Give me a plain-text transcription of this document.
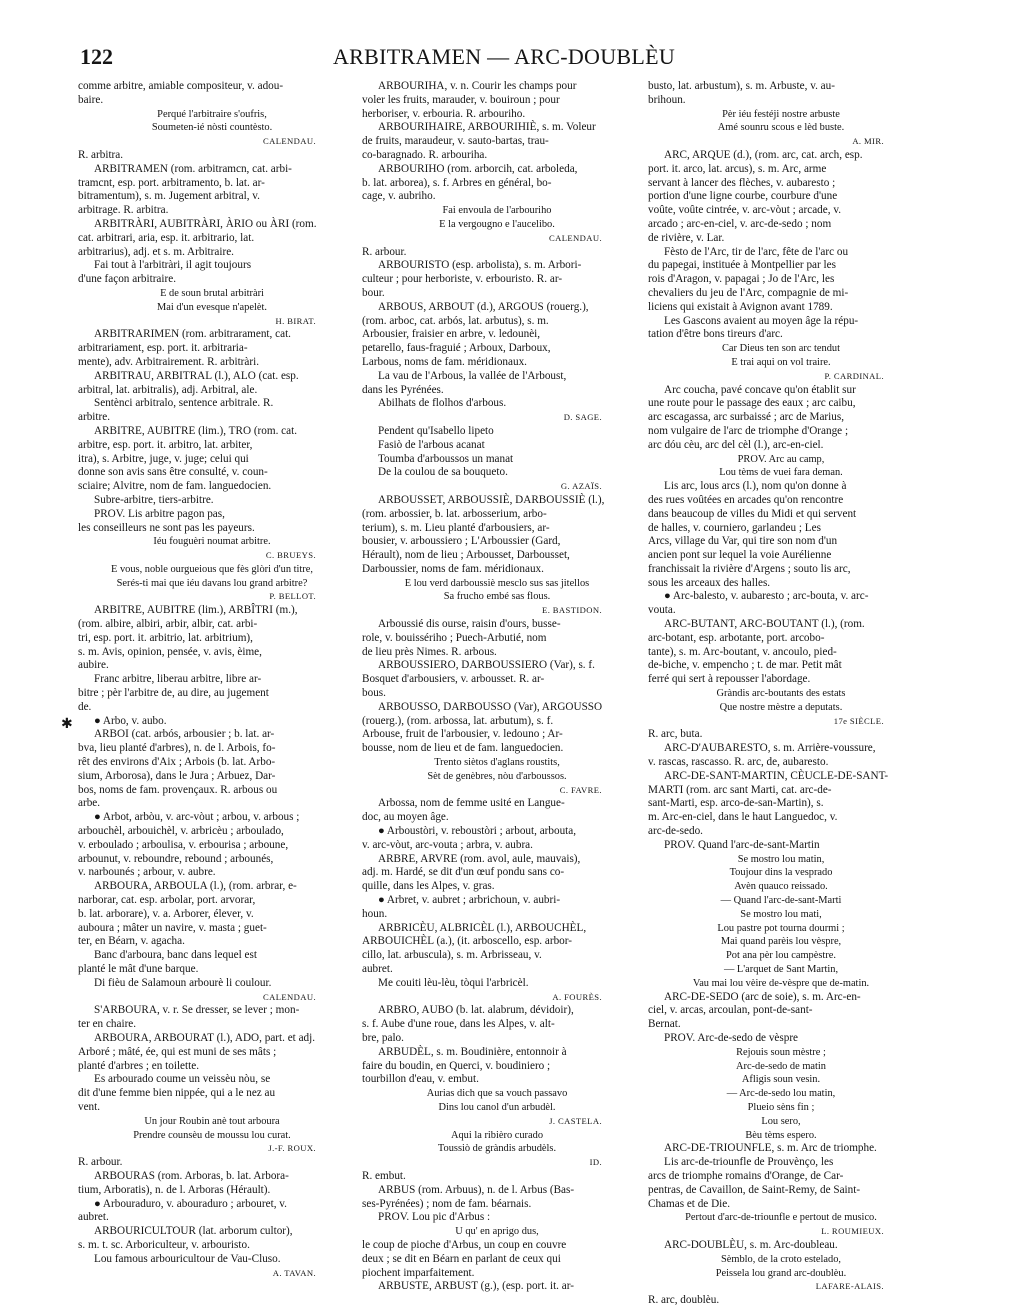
122	ARBITRAMEN — ARC-DOUBLÈU
✱
comme arbitre, amiable compositeur, v. adou-
baire.
Perqué l'arbitraire s'oufris,
Soumeten-ié nòsti countèsto.
CALENDAU.
R. arbitra.
ARBITRAMEN (rom. arbitramcn, cat. arbi-
tramcnt, esp. port. arbitramento, b. lat. ar-
bitramentum), s. m. Jugement arbitral, v.
arbitrage. R. arbitra.
ARBITRÀRI, AUBITRÀRI, ÀRIO ou ÀRI (rom.
cat. arbitrari, aria, esp. it. arbitrario, lat.
arbitrarius), adj. et s. m. Arbitraire.
Fai tout à l'arbitràri, il agit toujours
d'une façon arbitraire.
E de soun brutal arbitràri
Mai d'un evesque n'apelèt.
H. BIRAT.
ARBITRARIMEN (rom. arbitrarament, cat.
arbitrariament, esp. port. it. arbitraria-
mente), adv. Arbitrairement. R. arbitràri.
ARBITRAU, ARBITRAL (l.), ALO (cat. esp.
arbitral, lat. arbitralis), adj. Arbitral, ale.
Sentènci arbitralo, sentence arbitrale. R.
arbitre.
ARBITRE, AUBITRE (lim.), TRO (rom. cat.
arbitre, esp. port. it. arbitro, lat. arbiter,
itra), s. Arbitre, juge, v. juge; celui qui
donne son avis sans être consulté, v. coun-
sciaire; Alvitre, nom de fam. languedocien.
Subre-arbitre, tiers-arbitre.
PROV. Lis arbitre pagon pas,
les conseilleurs ne sont pas les payeurs.
Iéu fouguèri noumat arbitre.
C. BRUEYS.
E vous, noble ourgueious que fès glòri d'un titre,
Serés-ti mai que iéu davans lou grand arbitre?
P. BELLOT.
ARBITRE, AUBITRE (lim.), ARBÎTRI (m.),
(rom. albire, albiri, arbir, albir, cat. arbi-
tri, esp. port. it. arbitrio, lat. arbitrium),
s. m. Avis, opinion, pensée, v. avis, èime,
aubire.
Franc arbitre, liberau arbitre, libre ar-
bitre ; pèr l'arbitre de, au dire, au jugement
de.
● Arbo, v. aubo.
ARBOI (cat. arbós, arbousier ; b. lat. ar-
bva, lieu planté d'arbres), n. de l. Arbois, fo-
rêt des environs d'Aix ; Arbois (b. lat. Arbo-
sium, Arborosa), dans le Jura ; Arbuez, Dar-
bos, noms de fam. provençaux. R. arbous ou
arbe.
● Arbot, arbòu, v. arc-vòut ; arbou, v. arbous ;
arbouchèl, arbouichèl, v. arbricèu ; arboulado,
v. erboulado ; arboulisa, v. erbourisa ; arboune,
arbounut, v. reboundre, rebound ; arbounés,
v. narbounés ; arbour, v. aubre.
ARBOURA, ARBOULA (l.), (rom. arbrar, e-
narborar, cat. esp. arbolar, port. arvorar,
b. lat. arborare), v. a. Arborer, élever, v.
auboura ; mâter un navire, v. masta ; guet-
ter, en Béarn, v. agacha.
Banc d'arboura, banc dans lequel est
planté le mât d'une barque.
Di fièu de Salamoun arbourè li coulour.
CALENDAU.
S'ARBOURA, v. r. Se dresser, se lever ; mon-
ter en chaire.
ARBOURA, ARBOURAT (l.), ADO, part. et adj.
Arboré ; mâté, ée, qui est muni de ses mâts ;
planté d'arbres ; en toilette.
Es arbourado coume un veissèu nòu, se
dit d'une femme bien nippée, qui a le nez au
vent.
Un jour Roubin anè tout arboura
Prendre counsèu de moussu lou curat.
J.-F. ROUX.
R. arbour.
ARBOURAS (rom. Arboras, b. lat. Arbora-
tium, Arboratis), n. de l. Arboras (Hérault).
● Arbouraduro, v. abouraduro ; arbouret, v.
aubret.
ARBOURICULTOUR (lat. arborum cultor),
s. m. t. sc. Arboriculteur, v. arbouristo.
Lou famous arbouricultour de Vau-Cluso.
A. TAVAN.
ARBOURIHA, v. n. Courir les champs pour
voler les fruits, marauder, v. bouiroun ; pour
herboriser, v. erbouria. R. arbouriho.
ARBOURIHAIRE, ARBOURIHIÈ, s. m. Voleur
de fruits, maraudeur, v. sauto-bartas, trau-
co-baragnado. R. arbouriha.
ARBOURIHO (rom. arborcih, cat. arboleda,
b. lat. arborea), s. f. Arbres en général, bo-
cage, v. aubriho.
Fai envoula de l'arbouriho
E la vergougno e l'aucelibo.
CALENDAU.
R. arbour.
ARBOURISTO (esp. arbolista), s. m. Arbori-
culteur ; pour herboriste, v. erbouristo. R. ar-
bour.
ARBOUS, ARBOUT (d.), ARGOUS (rouerg.),
(rom. arboc, cat. arbós, lat. arbutus), s. m.
Arbousier, fraisier en arbre, v. ledounèi,
petarello, faus-fraguié ; Arboux, Darboux,
Larbous, noms de fam. méridionaux.
La vau de l'Arbous, la vallée de l'Arboust,
dans les Pyrénées.
Abilhats de flolhos d'arbous.
D. SAGE.
Pendent qu'Isabello lipeto
Fasiò de l'arbous acanat
Toumba d'arboussos un manat
De la coulou de sa bouqueto.
G. AZAÏS.
ARBOUSSET, ARBOUSSIÈ, DARBOUSSIÈ (l.),
(rom. arbossier, b. lat. arbosserium, arbo-
terium), s. m. Lieu planté d'arbousiers, ar-
bousier, v. arboussiero ; L'Arboussier (Gard,
Hérault), nom de lieu ; Arbousset, Darbousset,
Darboussier, noms de fam. méridionaux.
E lou verd darboussiè mesclo sus sas jitellos
Sa frucho embé sas flous.
E. BASTIDON.
Arboussié dis ourse, raisin d'ours, busse-
role, v. bouissériho ; Puech-Arbutié, nom
de lieu près Nimes. R. arbous.
ARBOUSSIERO, DARBOUSSIERO (Var), s. f.
Bosquet d'arbousiers, v. arbousset. R. ar-
bous.
ARBOUSSO, DARBOUSSO (Var), ARGOUSSO
(rouerg.), (rom. arbossa, lat. arbutum), s. f.
Arbouse, fruit de l'arbousier, v. ledouno ; Ar-
bousse, nom de lieu et de fam. languedocien.
Trento siètos d'aglans roustits,
Sèt de genèbres, nòu d'arboussos.
C. FAVRE.
Arbossa, nom de femme usité en Langue-
doc, au moyen âge.
● Arboustòri, v. reboustòri ; arbout, arbouta,
v. arc-vòut, arc-vouta ; arbra, v. aubra.
ARBRE, ARVRE (rom. avol, aule, mauvais),
adj. m. Hardé, se dit d'un œuf pondu sans co-
quille, dans les Alpes, v. gras.
● Arbret, v. aubret ; arbrichoun, v. aubri-
houn.
ARBRICÈU, ALBRICÈL (l.), ARBOUCHÈL,
ARBOUICHÈL (a.), (it. arboscello, esp. arbor-
cillo, lat. arbuscula), s. m. Arbrisseau, v.
aubret.
Me couiti lèu-lèu, tòqui l'arbricèl.
A. FOURÈS.
ARBRO, AUBO (b. lat. alabrum, dévidoir),
s. f. Aube d'une roue, dans les Alpes, v. alt-
bre, palo.
ARBUDÈL, s. m. Boudinière, entonnoir à
faire du boudin, en Querci, v. boudiniero ;
tourbillon d'eau, v. embut.
Aurias dich que sa vouch passavo
Dins lou canol d'un arbudèl.
J. CASTELA.
Aqui la ribièro curado
Toussiò de gràndis arbudèls.
ID.
R. embut.
ARBUS (rom. Arbuus), n. de l. Arbus (Bas-
ses-Pyrénées) ; nom de fam. béarnais.
PROV. Lou pic d'Arbus :
U qu' en aprigo dus,
le coup de pioche d'Arbus, un coup en couvre
deux ; se dit en Béarn en parlant de ceux qui
piochent imparfaitement.
ARBUSTE, ARBUST (g.), (esp. port. it. ar-
busto, lat. arbustum), s. m. Arbuste, v. au-
brihoun.
Pèr iéu festéji nostre arbuste
Amé sounru scous e lèd buste.
A. MIR.
ARC, ARQUE (d.), (rom. arc, cat. arch, esp.
port. it. arco, lat. arcus), s. m. Arc, arme
servant à lancer des flèches, v. aubaresto ;
portion d'une ligne courbe, courbure d'une
voûte, voûte cintrée, v. arc-vòut ; arcade, v.
arcado ; arc-en-ciel, v. arc-de-sedo ; nom
de rivière, v. Lar.
Fèsto de l'Arc, tir de l'arc, fête de l'arc ou
du papegai, instituée à Montpellier par les
rois d'Aragon, v. papagai ; Jo de l'Arc, les
chevaliers du jeu de l'Arc, compagnie de mi-
liciens qui existait à Avignon avant 1789.
Les Gascons avaient au moyen âge la répu-
tation d'être bons tireurs d'arc.
Car Dieus ten son arc tendut
E trai aqui on vol traire.
P. CARDINAL.
Arc coucha, pavé concave qu'on établit sur
une route pour le passage des eaux ; arc caibu,
arc escagassa, arc surbaissé ; arc de Marius,
nom vulgaire de l'arc de triomphe d'Orange ;
arc dóu cèu, arc del cèl (l.), arc-en-ciel.
PROV. Arc au camp,
Lou tèms de vuei fara deman.
Lis arc, lous arcs (l.), nom qu'on donne à
des rues voûtées en arcades qu'on rencontre
dans beaucoup de villes du Midi et qui servent
de halles, v. courniero, garlandeu ; Les
Arcs, village du Var, qui tire son nom d'un
ancien pont sur lequel la voie Aurélienne
franchissait la rivière d'Argens ; souto lis arc,
sous les arceaux des halles.
● Arc-balesto, v. aubaresto ; arc-bouta, v. arc-
vouta.
ARC-BUTANT, ARC-BOUTANT (l.), (rom.
arc-botant, esp. arbotante, port. arcobo-
tante), s. m. Arc-boutant, v. ancoulo, pied-
de-biche, v. empencho ; t. de mar. Petit mât
ferré qui sert à repousser l'abordage.
Gràndis arc-boutants des estats
Que nostre mèstre a deputats.
17e SIÈCLE.
R. arc, buta.
ARC-D'AUBARESTO, s. m. Arrière-voussure,
v. rascas, rascasso. R. arc, de, aubaresto.
ARC-DE-SANT-MARTIN, CÈUCLE-DE-SANT-
MARTI (rom. arc sant Marti, cat. arc-de-
sant-Marti, esp. arco-de-san-Martin), s.
m. Arc-en-ciel, dans le haut Languedoc, v.
arc-de-sedo.
PROV. Quand l'arc-de-sant-Martin
Se mostro lou matin,
Toujour dins la vesprado
Avèn quauco reissado.
— Quand l'arc-de-sant-Marti
Se mostro lou mati,
Lou pastre pot tourna dourmi ;
Mai quand parèis lou vèspre,
Pot ana pèr lou campèstre.
— L'arquet de Sant Martin,
Vau mai lou vèire de-vèspre que de-matin.
ARC-DE-SEDO (arc de soie), s. m. Arc-en-
ciel, v. arcas, arcoulan, pont-de-sant-
Bernat.
PROV. Arc-de-sedo de vèspre
Rejouis soun mèstre ;
Arc-de-sedo de matin
Afligis soun vesin.
— Arc-de-sedo lou matin,
Plueio sèns fin ;
Lou sero,
Bèu tèms espero.
ARC-DE-TRIOUNFLE, s. m. Arc de triomphe.
Lis arc-de-triounfle de Prouvènço, les
arcs de triomphe romains d'Orange, de Car-
pentras, de Cavaillon, de Saint-Remy, de Saint-
Chamas et de Die.
Pertout d'arc-de-triounfle e pertout de musico.
L. ROUMIEUX.
ARC-DOUBLÈU, s. m. Arc-doubleau.
Sèmblo, de la croto estelado,
Peissela lou grand arc-doublèu.
LAFARE-ALAIS.
R. arc, doublèu.
